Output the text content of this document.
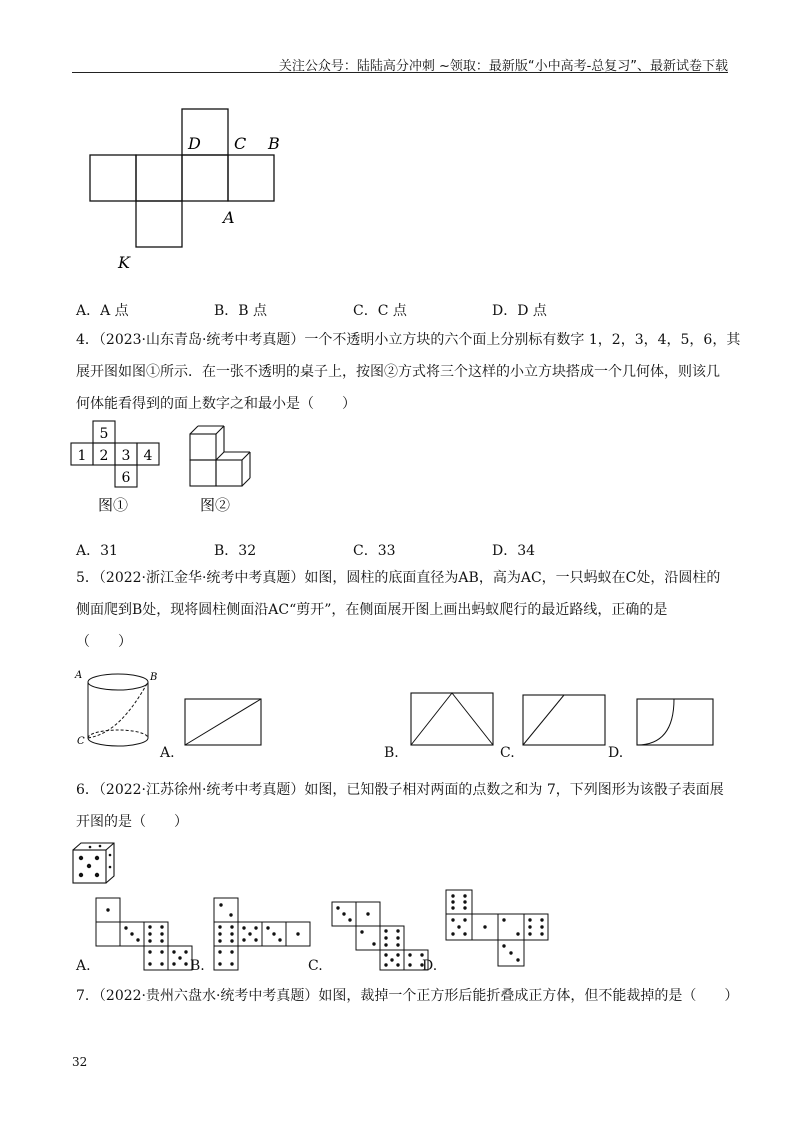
关注公众号：陆陆高分冲刺 ~领取：最新版“小中高考-总复习”、最新试卷下载
D C B
A
K
A．A 点	B．B 点	C．C 点	D．D 点
4．（2023·山东青岛·统考中考真题）一个不透明小立方块的六个面上分别标有数字 1，2，3，4，5，6，其
展开图如图①所示．在一张不透明的桌子上，按图②方式将三个这样的小立方块搭成一个几何体，则该几
何体能看得到的面上数字之和最小是（　　）
5
1 2 3 4
6
图①	图②
A．31	B．32	C．33	D．34
5．（2022·浙江金华·统考中考真题）如图，圆柱的底面直径为AB，高为AC，一只蚂蚁在C处，沿圆柱的
侧面爬到B处，现将圆柱侧面沿AC“剪开”，在侧面展开图上画出蚂蚁爬行的最近路线，正确的是
（　　）
A	B
C
A.	B.	C.	D.
6．（2022·江苏徐州·统考中考真题）如图，已知骰子相对两面的点数之和为 7，下列图形为该骰子表面展
开图的是（　　）
A.	B.	C.	D.
7．（2022·贵州六盘水·统考中考真题）如图，裁掉一个正方形后能折叠成正方体，但不能裁掉的是（　　）
32
